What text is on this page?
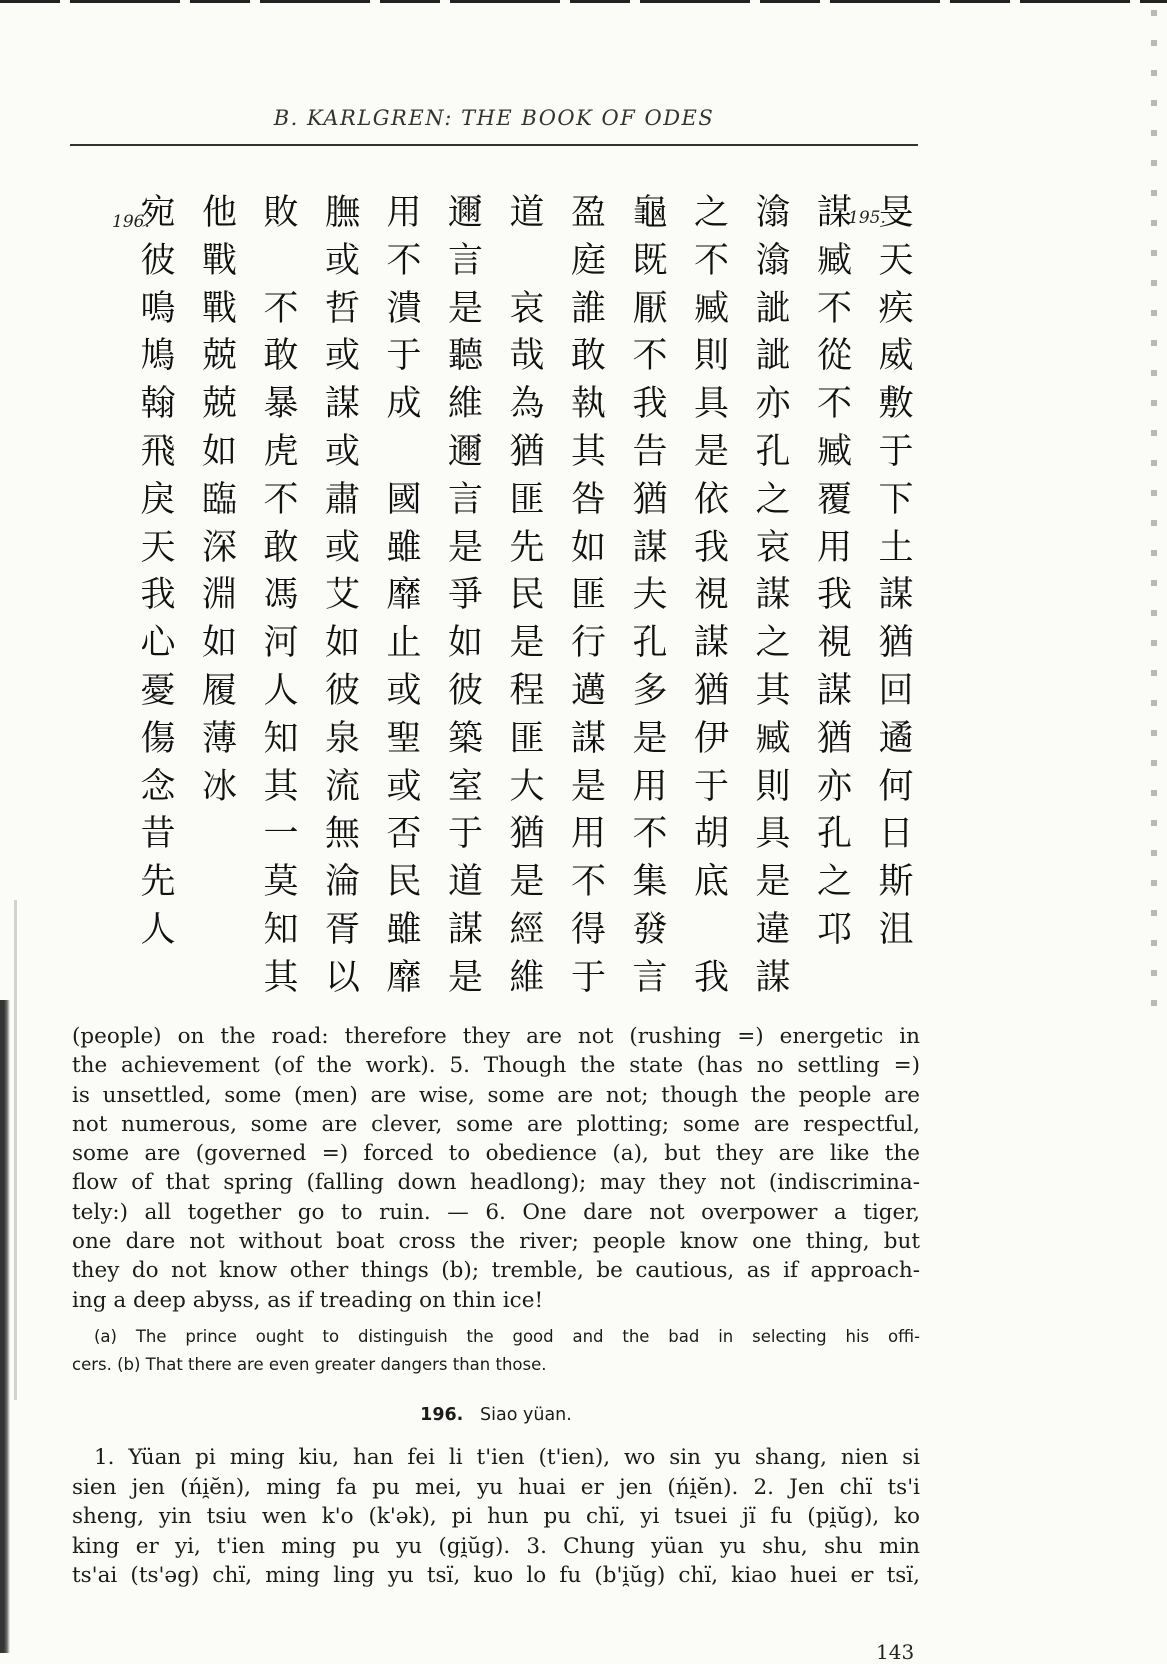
B. KARLGREN: THE BOOK OF ODES
旻
天
疾
威
敷
于
下
土
謀
猶
回
遹
何
日
斯
沮
謀
臧
不
從
不
臧
覆
用
我
視
謀
猶
亦
孔
之
邛
潝
潝
訿
訿
亦
孔
之
哀
謀
之
其
臧
則
具
是
違
謀
之
不
臧
則
具
是
依
我
視
謀
猶
伊
于
胡
底
我
龜
既
厭
不
我
告
猶
謀
夫
孔
多
是
用
不
集
發
言
盈
庭
誰
敢
執
其
咎
如
匪
行
邁
謀
是
用
不
得
于
道
哀
哉
為
猶
匪
先
民
是
程
匪
大
猶
是
經
維
邇
言
是
聽
維
邇
言
是
爭
如
彼
築
室
于
道
謀
是
用
不
潰
于
成
國
雖
靡
止
或
聖
或
否
民
雖
靡
膴
或
哲
或
謀
或
肅
或
艾
如
彼
泉
流
無
淪
胥
以
敗
不
敢
暴
虎
不
敢
馮
河
人
知
其
一
莫
知
其
他
戰
戰
兢
兢
如
臨
深
淵
如
履
薄
冰
宛
彼
鳴
鳩
翰
飛
戾
天
我
心
憂
傷
念
昔
先
人
195.
196.
(people) on the road: therefore they are not (rushing =) energetic in
the achievement (of the work). 5. Though the state (has no settling =)
is unsettled, some (men) are wise, some are not; though the people are
not numerous, some are clever, some are plotting; some are respectful,
some are (governed =) forced to obedience (a), but they are like the
flow of that spring (falling down headlong); may they not (indiscrimina-
tely:) all together go to ruin. — 6. One dare not overpower a tiger,
one dare not without boat cross the river; people know one thing, but
they do not know other things (b); tremble, be cautious, as if approach-
ing a deep abyss, as if treading on thin ice!
(a) The prince ought to distinguish the good and the bad in selecting his offi-
cers. (b) That there are even greater dangers than those.
196. Siao yüan.
1. Yüan pi ming kiu, han fei li t'ien (t'ien), wo sin yu shang, nien si
sien jen (ńi̯ĕn), ming fa pu mei, yu huai er jen (ńi̯ĕn). 2. Jen chï ts'i
sheng, yin tsiu wen k'o (k'ək), pi hun pu chï, yi tsuei jï fu (pi̯ŭg), ko
king er yi, t'ien ming pu yu (gi̯ŭg). 3. Chung yüan yu shu, shu min
ts'ai (ts'əg) chï, ming ling yu tsï, kuo lo fu (b'i̯ŭg) chï, kiao huei er tsï,
143
